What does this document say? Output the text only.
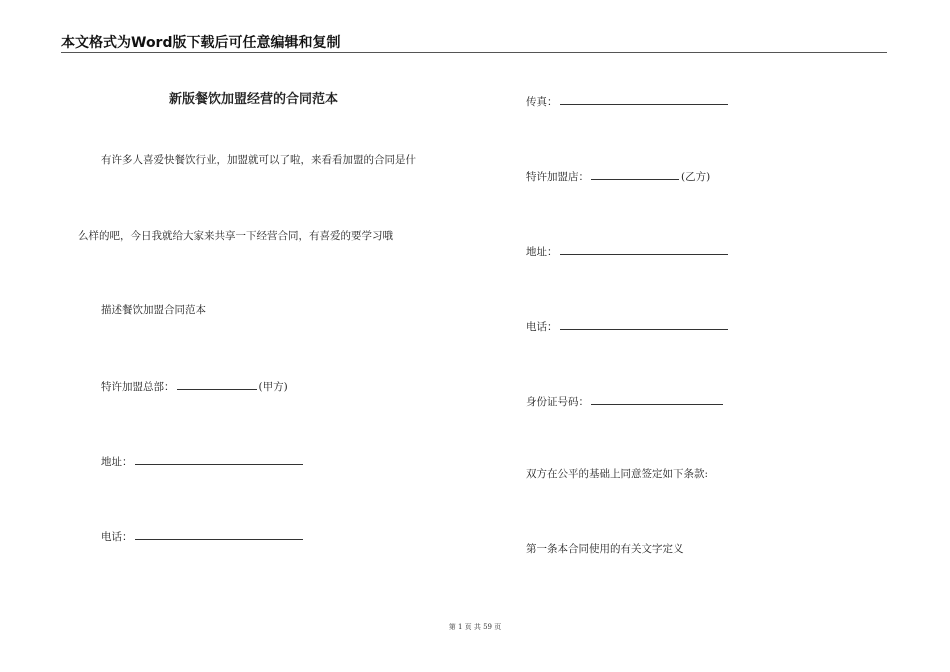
本文格式为Word版下载后可任意编辑和复制
新版餐饮加盟经营的合同范本
有许多人喜爱快餐饮行业，加盟就可以了啦，来看看加盟的合同是什
么样的吧，今日我就给大家来共享一下经营合同，有喜爱的要学习哦
描述餐饮加盟合同范本
特许加盟总部：	(甲方)
地址：
电话：
传真：
特许加盟店：	(乙方)
地址：
电话：
身份证号码：
双方在公平的基础上同意签定如下条款:
第一条本合同使用的有关文字定义
第 1 页 共 59 页
